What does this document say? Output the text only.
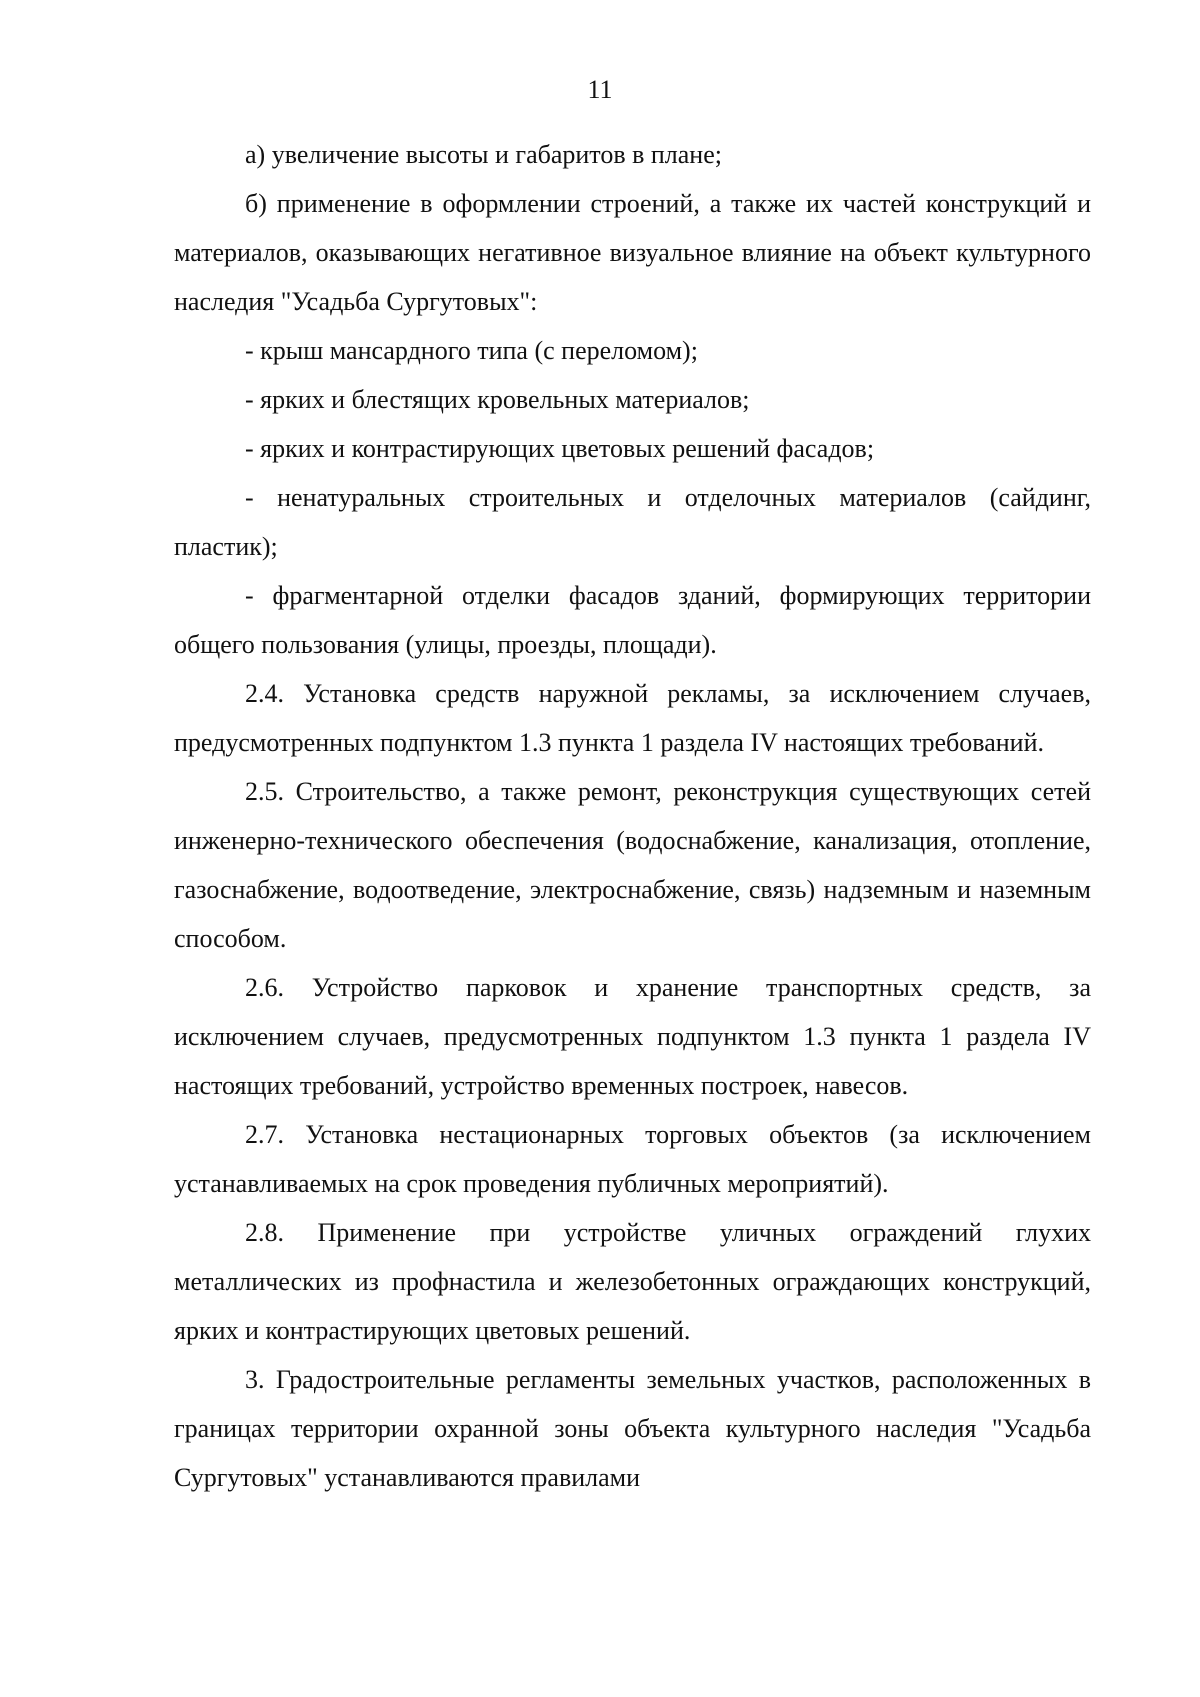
11

а) увеличение высоты и габаритов в плане;

б) применение в оформлении строений, а также их частей конструкций и материалов, оказывающих негативное визуальное влияние на объект культурного наследия "Усадьба Сургутовых":

- крыш мансардного типа (с переломом);

- ярких и блестящих кровельных материалов;

- ярких и контрастирующих цветовых решений фасадов;

- ненатуральных строительных и отделочных материалов (сайдинг, пластик);

- фрагментарной отделки фасадов зданий, формирующих территории общего пользования (улицы, проезды, площади).

2.4. Установка средств наружной рекламы, за исключением случаев, предусмотренных подпунктом 1.3 пункта 1 раздела IV настоящих требований.

2.5. Строительство, а также ремонт, реконструкция существующих сетей инженерно-технического обеспечения (водоснабжение, канализация, отопление, газоснабжение, водоотведение, электроснабжение, связь) надземным и наземным способом.

2.6. Устройство парковок и хранение транспортных средств, за исключением случаев, предусмотренных подпунктом 1.3 пункта 1 раздела IV настоящих требований, устройство временных построек, навесов.

2.7. Установка нестационарных торговых объектов (за исключением устанавливаемых на срок проведения публичных мероприятий).

2.8. Применение при устройстве уличных ограждений глухих металлических из профнастила и железобетонных ограждающих конструкций, ярких и контрастирующих цветовых решений.

3. Градостроительные регламенты земельных участков, расположенных в границах территории охранной зоны объекта культурного наследия "Усадьба Сургутовых" устанавливаются правилами
